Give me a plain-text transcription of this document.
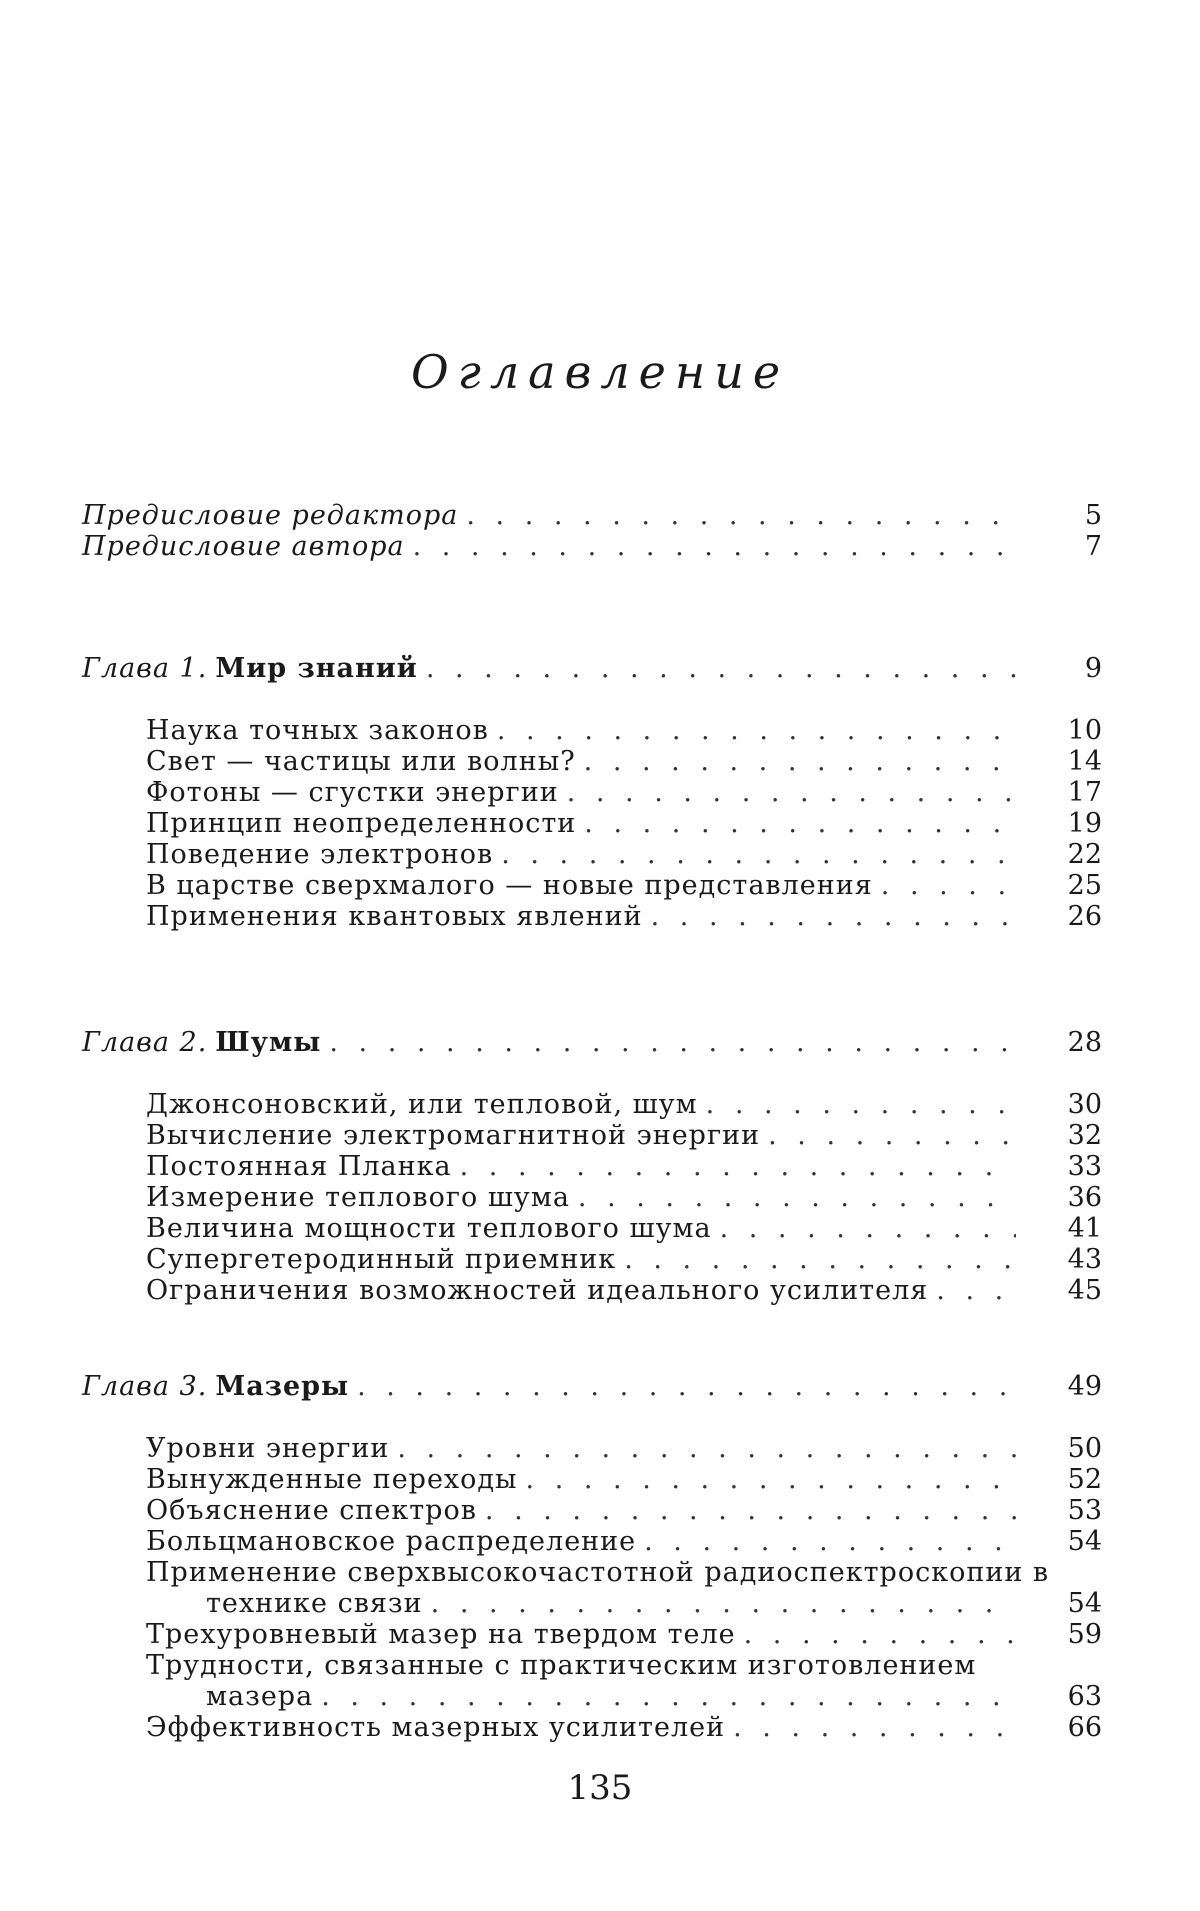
Оглавление
Предисловие редактора . . .	5
Предисловие автора . . .	7
Глава 1. Мир знаний . . .	9
Наука точных законов . . .	10
Свет — частицы или волны? . . .	14
Фотоны — сгустки энергии . . .	17
Принцип неопределенности . . .	19
Поведение электронов . . .	22
В царстве сверхмалого — новые представления . . .	25
Применения квантовых явлений . . .	26
Глава 2. Шумы . . .	28
Джонсоновский, или тепловой, шум . . .	30
Вычисление электромагнитной энергии . . .	32
Постоянная Планка . . .	33
Измерение теплового шума . . .	36
Величина мощности теплового шума . . .	41
Супергетеродинный приемник . . .	43
Ограничения возможностей идеального усилителя . . .	45
Глава 3. Мазеры . . .	49
Уровни энергии . . .	50
Вынужденные переходы . . .	52
Объяснение спектров . . .	53
Больцмановское распределение . . .	54
Применение сверхвысокочастотной радиоспектроскопии в
технике связи . . .	54
Трехуровневый мазер на твердом теле . . .	59
Трудности, связанные с практическим изготовлением
мазера . . .	63
Эффективность мазерных усилителей . . .	66
135
